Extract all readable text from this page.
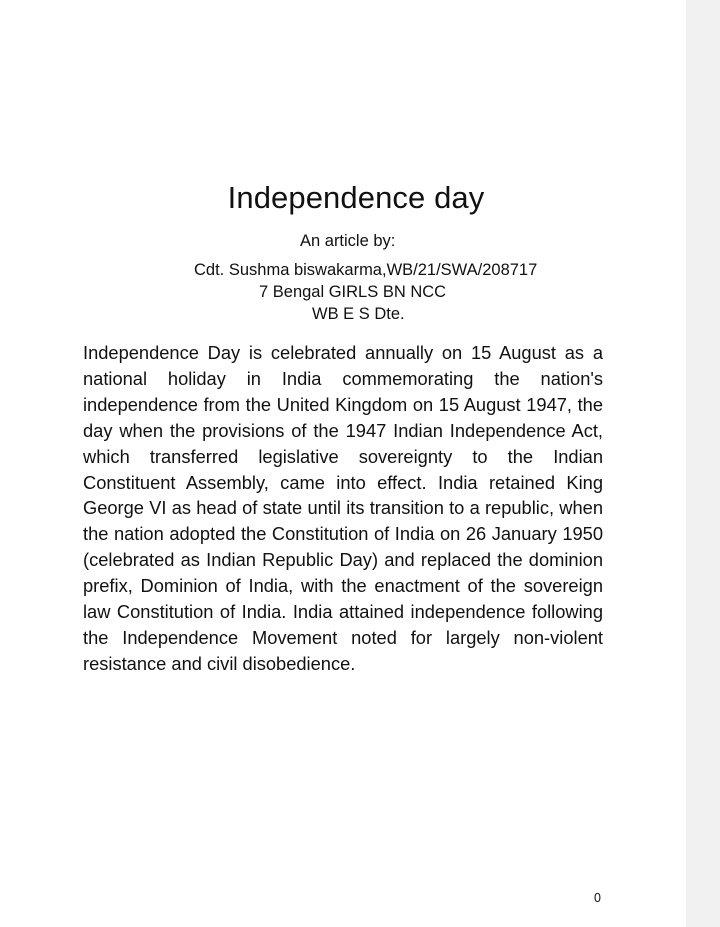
Independence day
An article by:
Cdt. Sushma biswakarma,WB/21/SWA/208717
7 Bengal GIRLS BN NCC
WB E S Dte.

Independence Day is celebrated annually on 15 August as a national holiday in India commemorating the nation's independence from the United Kingdom on 15 August 1947, the day when the provisions of the 1947 Indian Independence Act, which transferred legislative sovereignty to the Indian Constituent Assembly, came into effect. India retained King George VI as head of state until its transition to a republic, when the nation adopted the Constitution of India on 26 January 1950 (celebrated as Indian Republic Day) and replaced the dominion prefix, Dominion of India, with the enactment of the sovereign law Constitution of India. India attained independence following the Independence Movement noted for largely non-violent resistance and civil disobedience.

0
